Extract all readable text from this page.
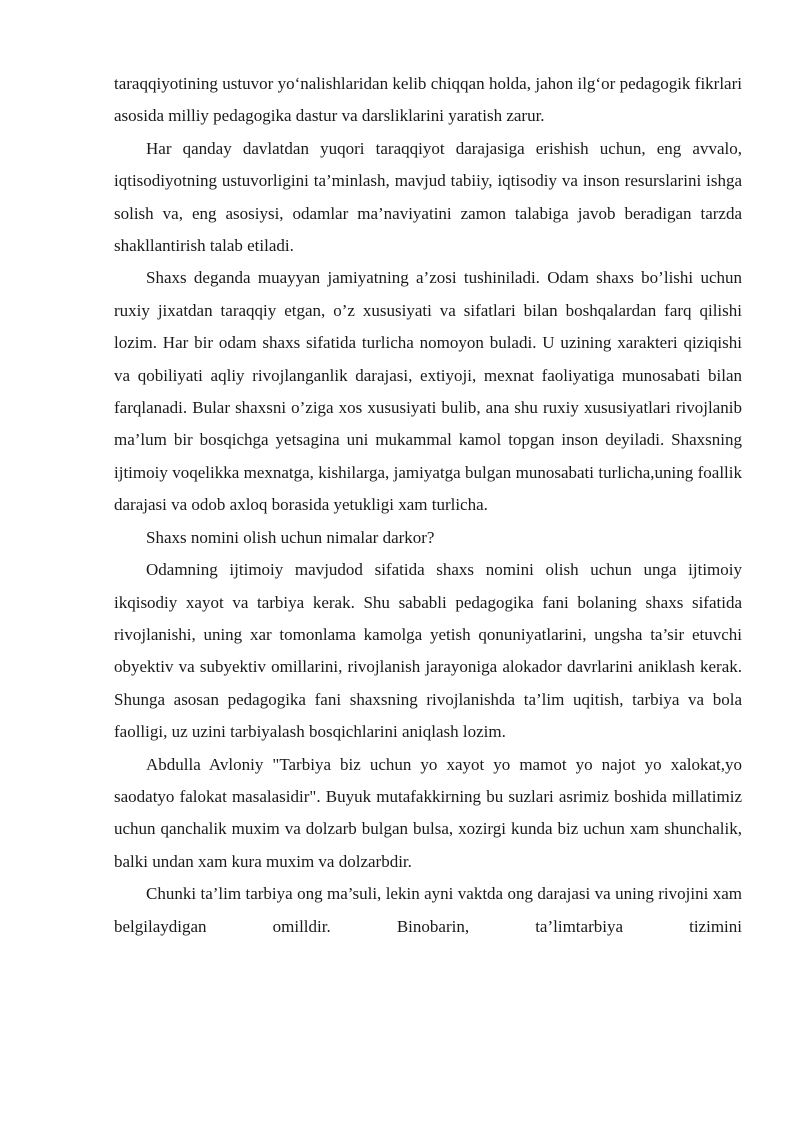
taraqqiyotining ustuvor yo‘nalishlaridan kelib chiqqan holda, jahon ilg‘or pedagogik fikrlari asosida milliy pedagogika dastur va darsliklarini yaratish zarur.

Har qanday davlatdan yuqori taraqqiyot darajasiga erishish uchun, eng avvalo, iqtisodiyotning ustuvorligini ta’minlash, mavjud tabiiy, iqtisodiy va inson resurslarini ishga solish va, eng asosiysi, odamlar ma’naviyatini zamon talabiga javob beradigan tarzda shakllantirish talab etiladi.

Shaxs deganda muayyan jamiyatning a’zosi tushiniladi. Odam shaxs bo’lishi uchun ruxiy jixatdan taraqqiy etgan, o’z xususiyati va sifatlari bilan boshqalardan farq qilishi lozim. Har bir odam shaxs sifatida turlicha nomoyon buladi. U uzining xarakteri qiziqishi va qobiliyati aqliy rivojlanganlik darajasi, extiyoji, mexnat faoliyatiga munosabati bilan farqlanadi. Bular shaxsni o’ziga xos xususiyati bulib, ana shu ruxiy xususiyatlari rivojlanib ma’lum bir bosqichga yetsagina uni mukammal kamol topgan inson deyiladi. Shaxsning ijtimoiy voqelikka mexnatga, kishilarga, jamiyatga bulgan munosabati turlicha,uning foallik darajasi va odob axloq borasida yetukligi xam turlicha.

Shaxs nomini olish uchun nimalar darkor?

Odamning ijtimoiy mavjudod sifatida shaxs nomini olish uchun unga ijtimoiy ikqisodiy xayot va tarbiya kerak. Shu sababli pedagogika fani bolaning shaxs sifatida rivojlanishi, uning xar tomonlama kamolga yetish qonuniyatlarini, ungsha ta’sir etuvchi obyektiv va subyektiv omillarini, rivojlanish jarayoniga alokador davrlarini aniklash kerak. Shunga asosan pedagogika fani shaxsning rivojlanishda ta’lim uqitish, tarbiya va bola faolligi, uz uzini tarbiyalash bosqichlarini aniqlash lozim.

Abdulla Avloniy "Tarbiya biz uchun yo xayot yo mamot yo najot yo xalokat,yo saodatyo falokat masalasidir". Buyuk mutafakkirning bu suzlari asrimiz boshida millatimiz uchun qanchalik muxim va dolzarb bulgan bulsa, xozirgi kunda biz uchun xam shunchalik, balki undan xam kura muxim va dolzarbdir.

Chunki ta’lim tarbiya ong ma’suli, lekin ayni vaktda ong darajasi va uning rivojini xam belgilaydigan omilldir. Binobarin, ta’limtarbiya tizimini
